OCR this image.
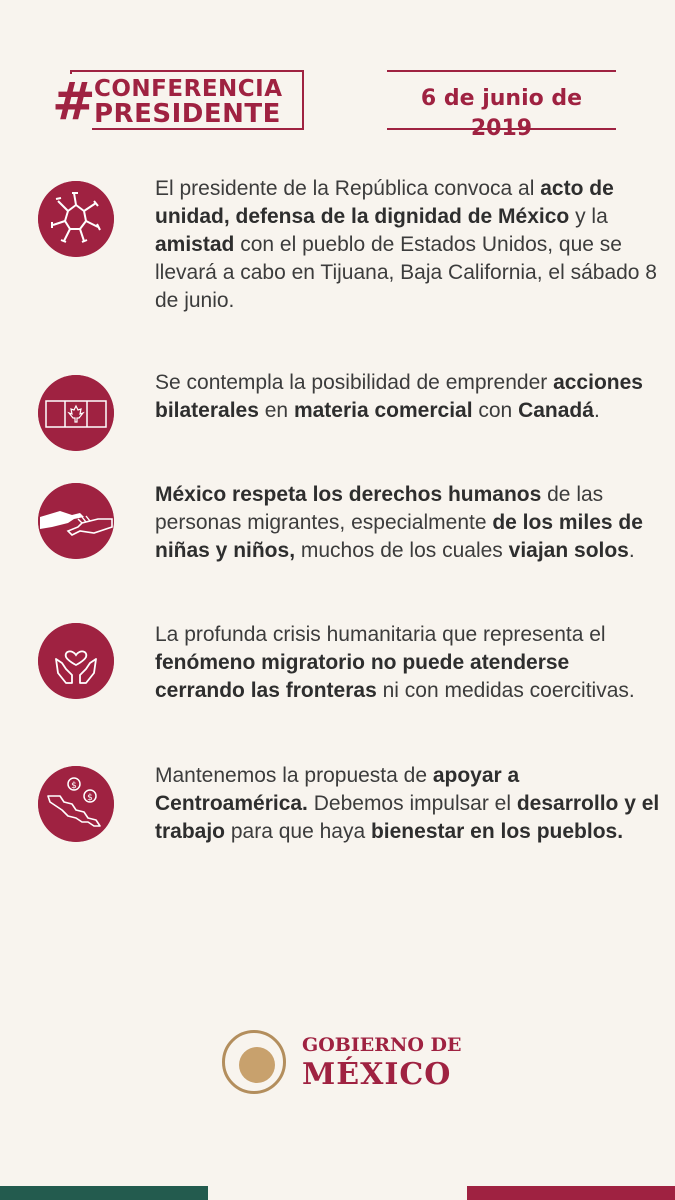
#
CONFERENCIA
PRESIDENTE
6 de junio de 2019
El presidente de la República convoca al acto de unidad, defensa de la dignidad de México y la amistad con el pueblo de Estados Unidos, que se llevará a cabo en Tijuana, Baja California, el sábado 8 de junio.
Se contempla la posibilidad de emprender acciones bilaterales en materia comercial con Canadá.
México respeta los derechos humanos de las personas migrantes, especialmente de los miles de niñas y niños, muchos de los cuales viajan solos.
La profunda crisis humanitaria que representa el fenómeno migratorio no puede atenderse cerrando las fronteras ni con medidas coercitivas.
$
$
Mantenemos la propuesta de apoyar a Centroamérica. Debemos impulsar el desarrollo y el trabajo para que haya bienestar en los pueblos.
GOBIERNO DE
MÉXICO
